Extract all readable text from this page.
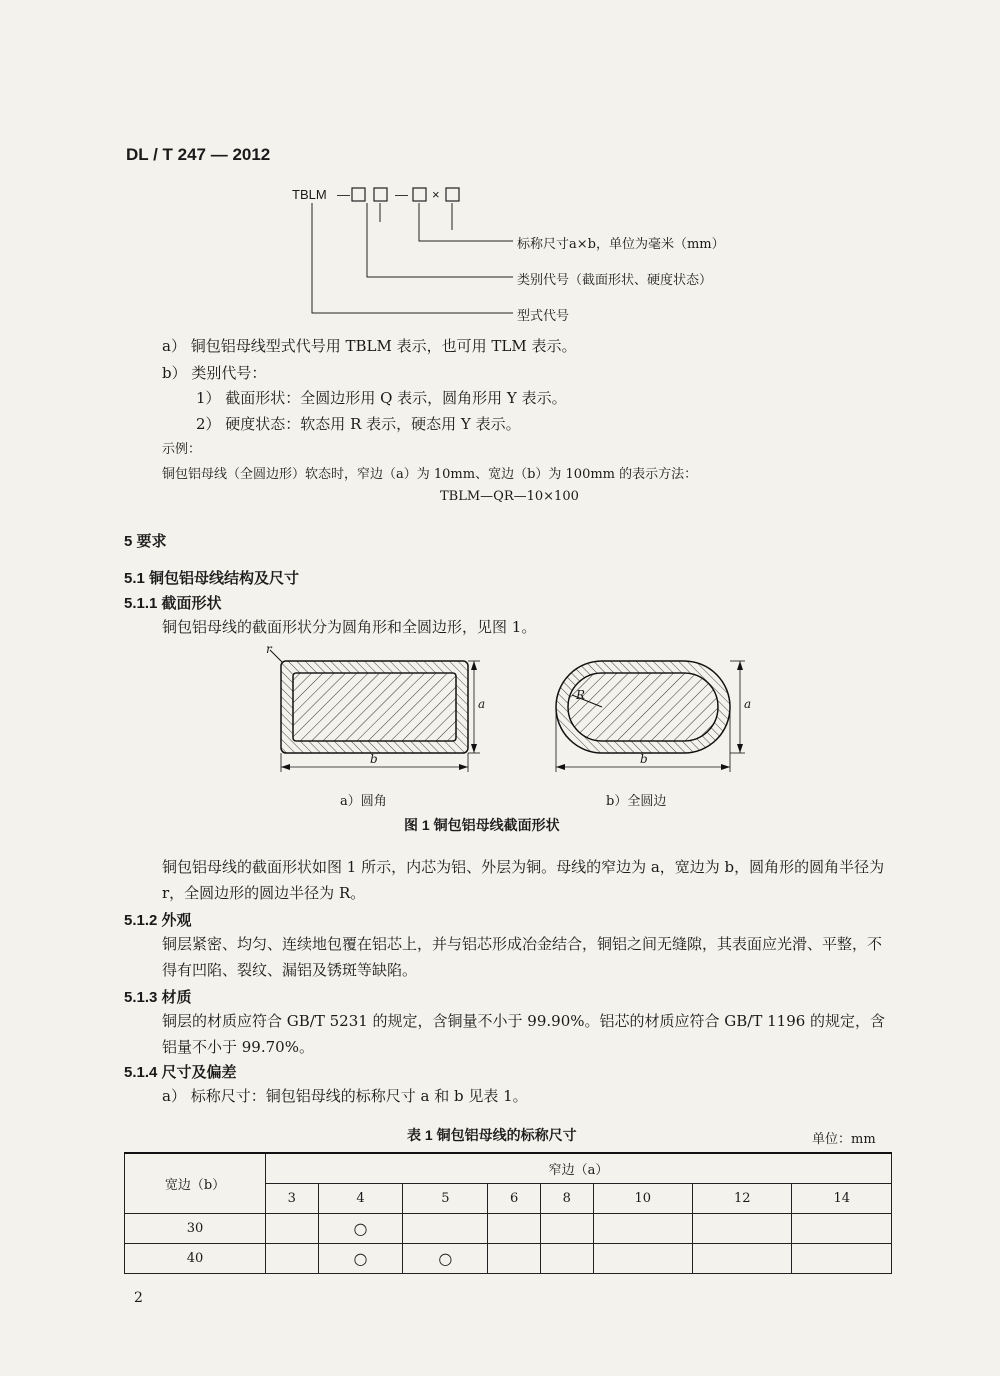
DL / T 247 — 2012
TBLM —	— ×
标称尺寸a×b，单位为毫米（mm）
类别代号（截面形状、硬度状态）
型式代号
r
a
b
R
a
b
a）圆角	b）全圆边
图 1 铜包铝母线截面形状
a） 铜包铝母线型式代号用 TBLM 表示，也可用 TLM 表示。
b） 类别代号：
1） 截面形状：全圆边形用 Q 表示，圆角形用 Y 表示。
2） 硬度状态：软态用 R 表示，硬态用 Y 表示。
示例：
铜包铝母线（全圆边形）软态时，窄边（a）为 10mm、宽边（b）为 100mm 的表示方法：
TBLM—QR—10×100
5 要求
5.1 铜包铝母线结构及尺寸
5.1.1 截面形状
铜包铝母线的截面形状分为圆角形和全圆边形，见图 1。
铜包铝母线的截面形状如图 1 所示，内芯为铝、外层为铜。母线的窄边为 a，宽边为 b，圆角形的圆角半径为 r，全圆边形的圆边半径为 R。
5.1.2 外观
铜层紧密、均匀、连续地包覆在铝芯上，并与铝芯形成冶金结合，铜铝之间无缝隙，其表面应光滑、平整，不得有凹陷、裂纹、漏铝及锈斑等缺陷。
5.1.3 材质
铜层的材质应符合 GB/T 5231 的规定，含铜量不小于 99.90%。铝芯的材质应符合 GB/T 1196 的规定，含铝量不小于 99.70%。
5.1.4 尺寸及偏差
a） 标称尺寸：铜包铝母线的标称尺寸 a 和 b 见表 1。
表 1 铜包铝母线的标称尺寸	单位：mm
宽边（b）	窄边（a）							
	3	4	5	6	8	10	12	14
30		○						
40		○	○					
2
